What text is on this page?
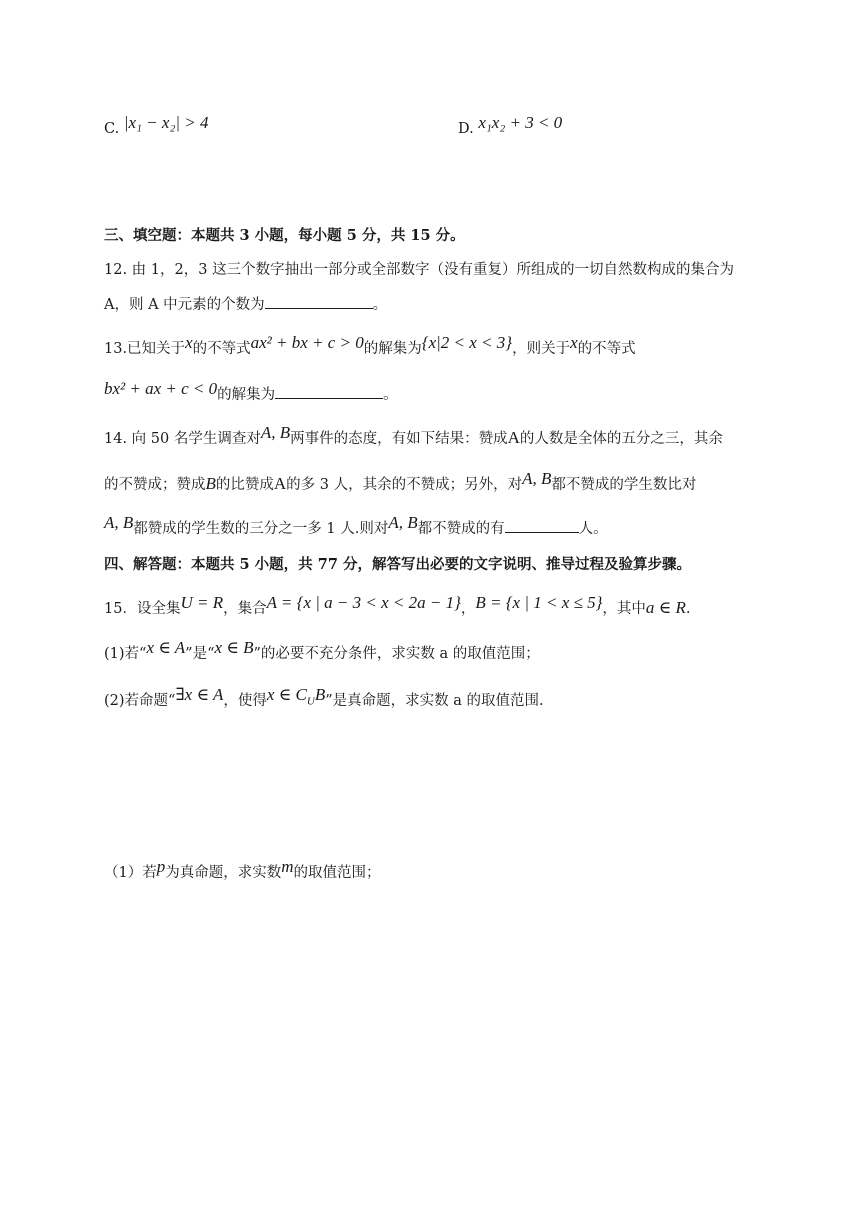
C. |x₁ − x₂| > 4	D. x₁x₂ + 3 < 0
三、填空题：本题共 3 小题，每小题 5 分，共 15 分。
12. 由 1，2，3 这三个数字抽出一部分或全部数字（没有重复）所组成的一切自然数构成的集合为
A，则 A 中元素的个数为	。
13.已知关于x的不等式ax² + bx + c > 0的解集为{x|2 < x < 3}，则关于x的不等式
bx² + ax + c < 0的解集为	。
14. 向 50 名学生调查对A, B两事件的态度，有如下结果：赞成A的人数是全体的五分之三，其余
的不赞成；赞成B的比赞成A的多 3 人，其余的不赞成；另外，对A, B都不赞成的学生数比对
A, B都赞成的学生数的三分之一多 1 人.则对A, B都不赞成的有	人。
四、解答题：本题共 5 小题，共 77 分，解答写出必要的文字说明、推导过程及验算步骤。
15．设全集U = R，集合A = {x | a − 3 < x < 2a − 1}，B = {x | 1 < x ≤ 5}，其中a ∈ R.
(1)若“x ∈ A”是“x ∈ B”的必要不充分条件，求实数 a 的取值范围；
(2)若命题“∃x ∈ A，使得x ∈ $C_UB$”是真命题，求实数 a 的取值范围.
（1）若p为真命题，求实数m的取值范围；
